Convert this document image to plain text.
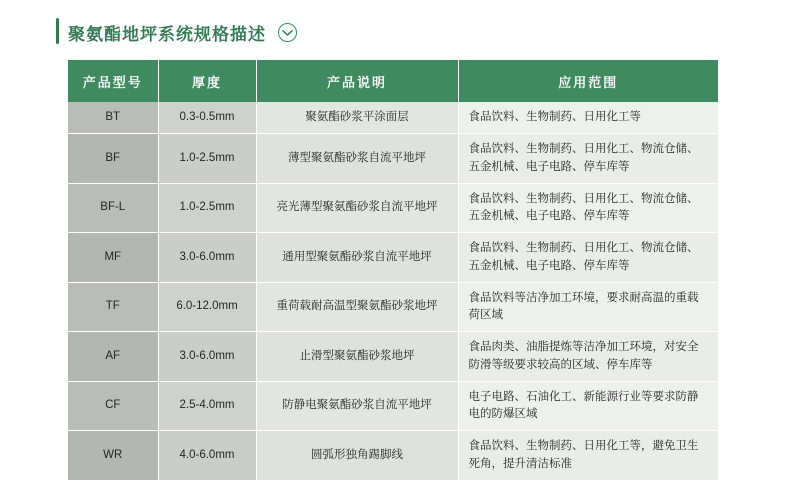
聚氨酯地坪系统规格描述
产品型号	厚度	产品说明	应用范围
BT	0.3-0.5mm	聚氨酯砂浆平涂面层	食品饮料、生物制药、日用化工等
BF	1.0-2.5mm	薄型聚氨酯砂浆自流平地坪	食品饮料、生物制药、日用化工、物流仓储、五金机械、电子电路、停车库等
BF-L	1.0-2.5mm	亮光薄型聚氨酯砂浆自流平地坪	食品饮料、生物制药、日用化工、物流仓储、五金机械、电子电路、停车库等
MF	3.0-6.0mm	通用型聚氨酯砂浆自流平地坪	食品饮料、生物制药、日用化工、物流仓储、五金机械、电子电路、停车库等
TF	6.0-12.0mm	重荷载耐高温型聚氨酯砂浆地坪	食品饮料等洁净加工环境，要求耐高温的重载荷区域
AF	3.0-6.0mm	止滑型聚氨酯砂浆地坪	食品肉类、油脂提炼等洁净加工环境，对安全防滑等级要求较高的区域、停车库等
CF	2.5-4.0mm	防静电聚氨酯砂浆自流平地坪	电子电路、石油化工、新能源行业等要求防静电的防爆区域
WR	4.0-6.0mm	圆弧形独角踢脚线	食品饮料、生物制药、日用化工等，避免卫生死角，提升清洁标准
